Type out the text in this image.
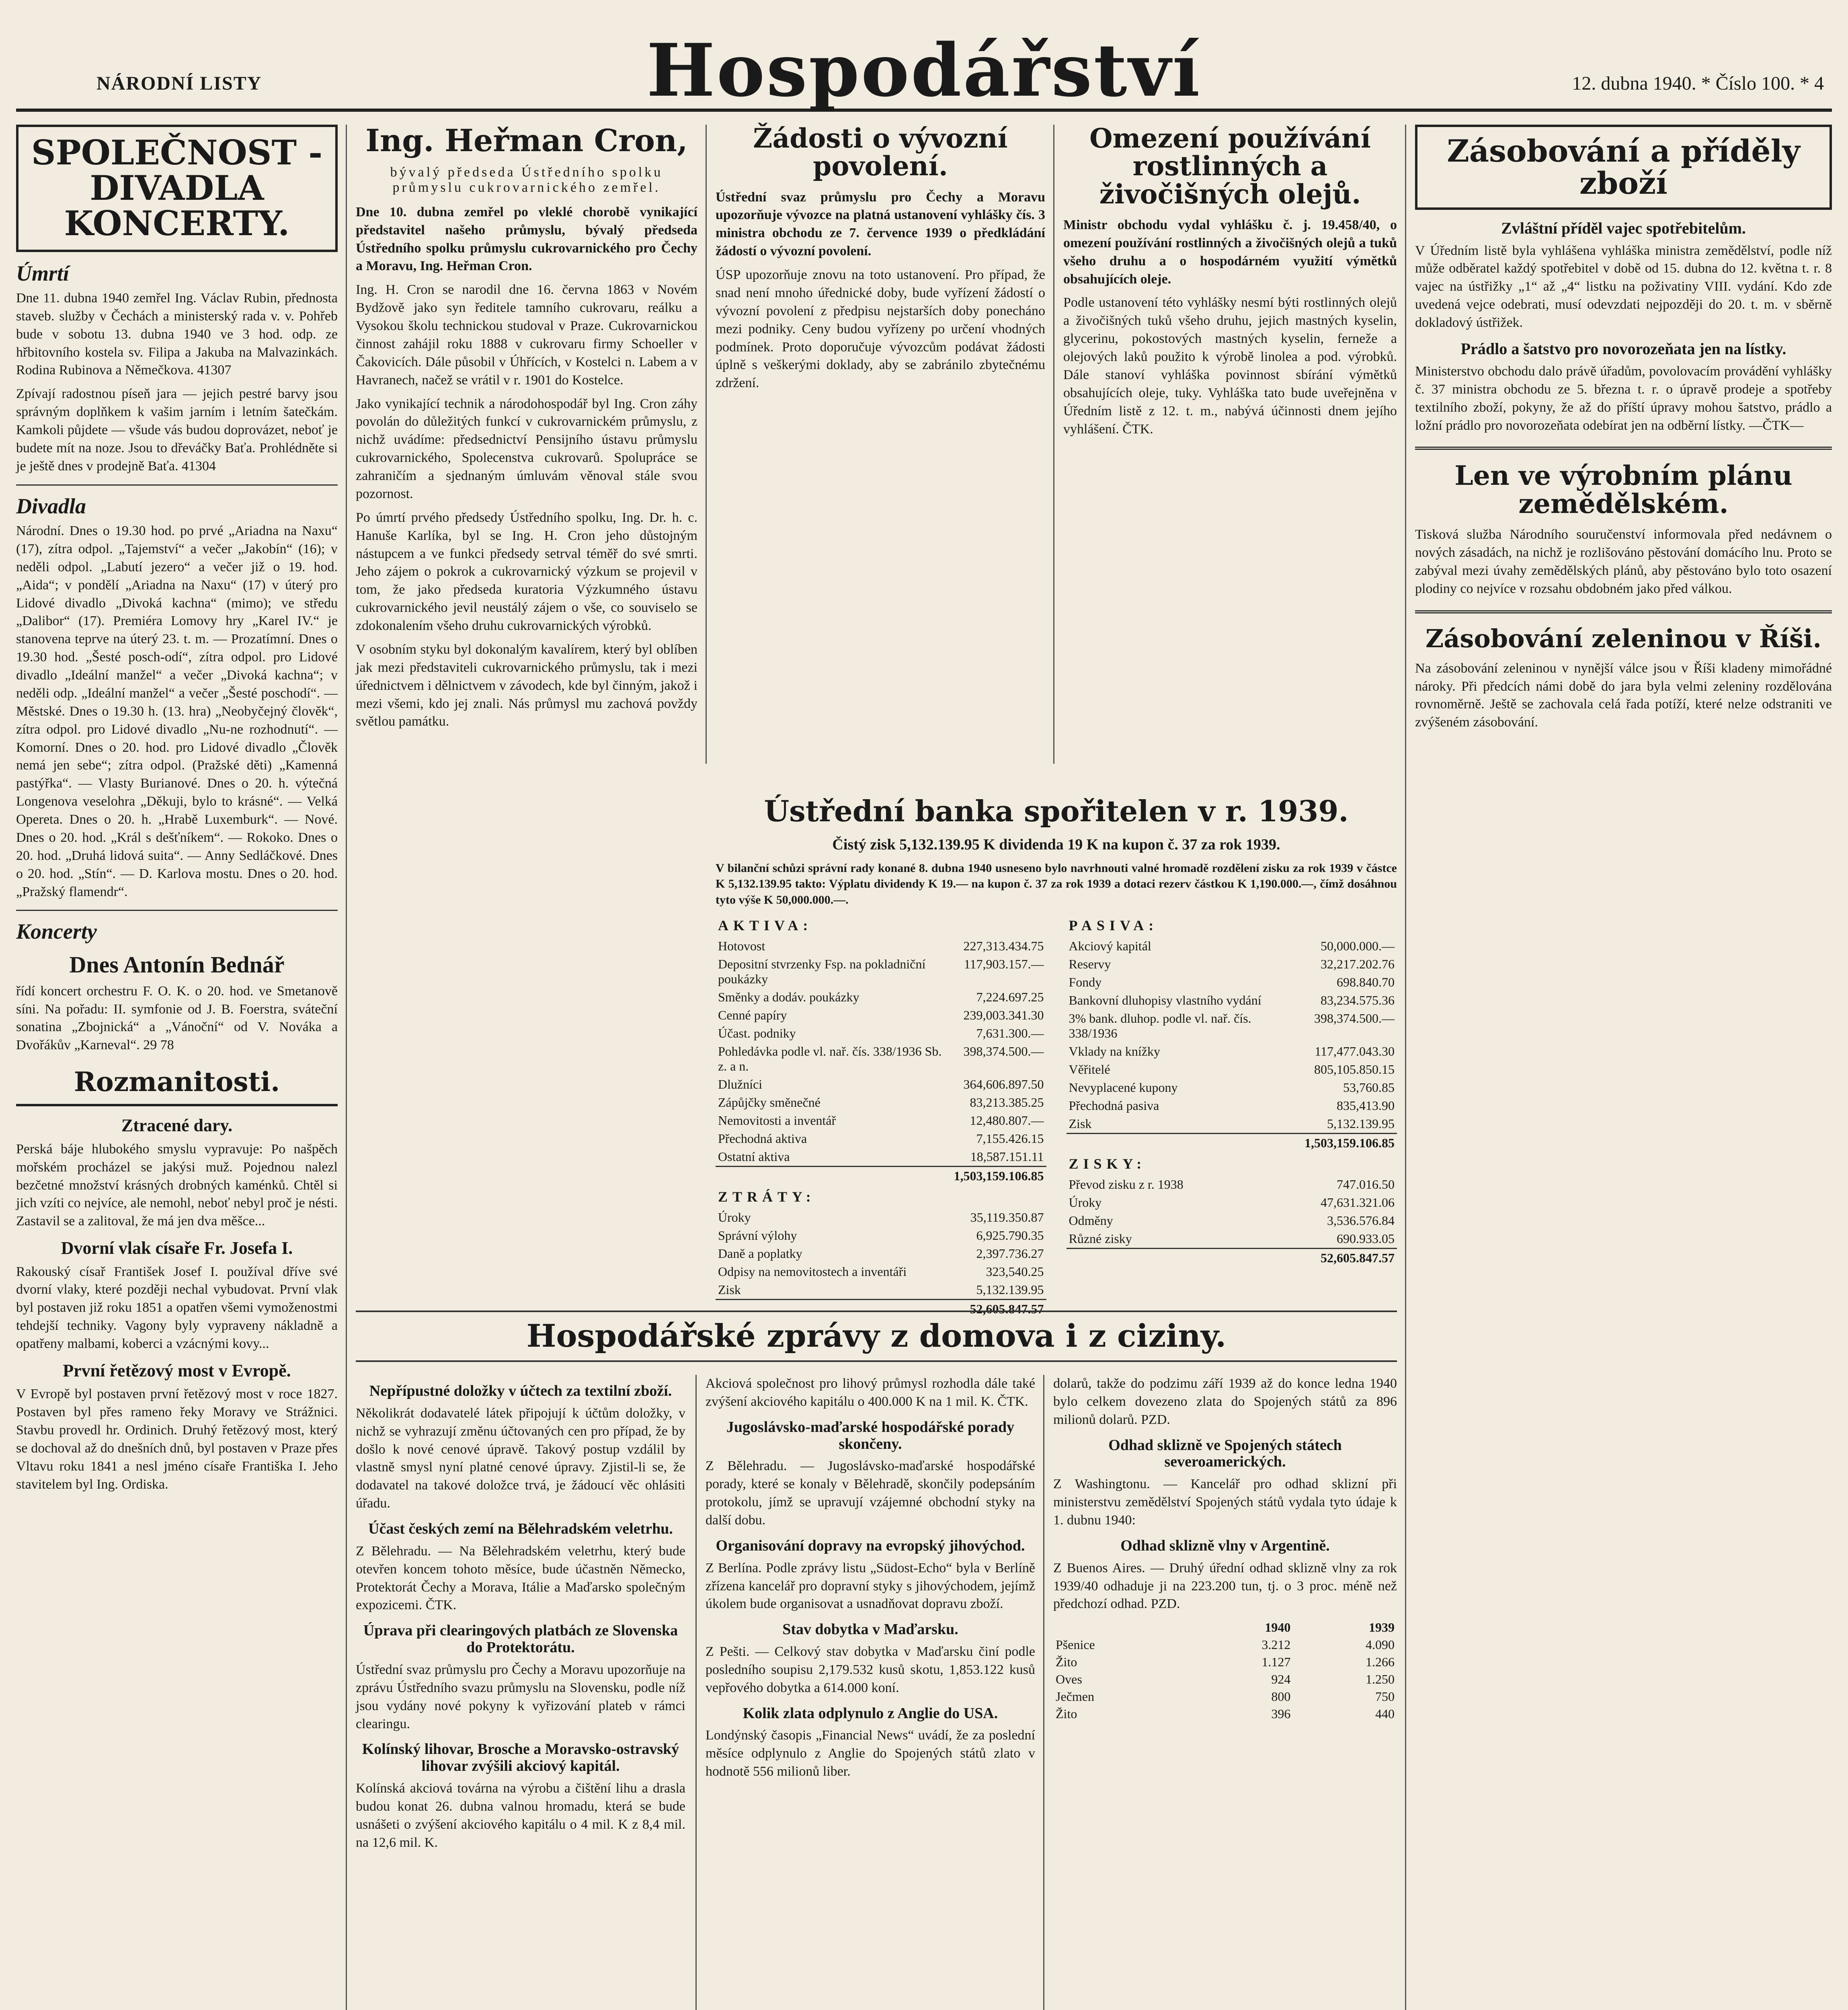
NÁRODNÍ LISTY	Hospodářství	12. dubna 1940. * Číslo 100. * 4
SPOLEČNOST - DIVADLA KONCERTY.
Úmrtí

Dne 11. dubna 1940 zemřel Ing. Václav Rubin, přednosta staveb. služby v Čechách a ministerský rada v. v. Pohřeb bude v sobotu 13. dubna 1940 ve 3 hod. odp. ze hřbitovního kostela sv. Filipa a Jakuba na Malvazinkách. Rodina Rubinova a Němečkova. 41307

Zpívají radostnou píseň jara — jejich pestré barvy jsou správným doplňkem k vašim jarním i letním šatečkám. Kamkoli půjdete — všude vás budou doprovázet, neboť je budete mít na noze. Jsou to dřeváčky Baťa. Prohlédněte si je ještě dnes v prodejně Baťa. 41304

Divadla

Národní. Dnes o 19.30 hod. po prvé „Ariadna na Naxu“ (17), zítra odpol. „Tajemství“ a večer „Jakobín“ (16); v neděli odpol. „Labutí jezero“ a večer již o 19. hod. „Aida“; v pondělí „Ariadna na Naxu“ (17) v úterý pro Lidové divadlo „Divoká kachna“ (mimo); ve středu „Dalibor“ (17). Premiéra Lomovy hry „Karel IV.“ je stanovena teprve na úterý 23. t. m. — Prozatímní. Dnes o 19.30 hod. „Šesté posch-odí“, zítra odpol. pro Lidové divadlo „Ideální manžel“ a večer „Divoká kachna“; v neděli odp. „Ideální manžel“ a večer „Šesté poschodí“. — Městské. Dnes o 19.30 h. (13. hra) „Neobyčejný člověk“, zítra odpol. pro Lidové divadlo „Nu-ne rozhodnutí“. — Komorní. Dnes o 20. hod. pro Lidové divadlo „Člověk nemá jen sebe“; zítra odpol. (Pražské děti) „Kamenná pastýřka“. — Vlasty Burianové. Dnes o 20. h. výtečná Longenova veselohra „Děkuji, bylo to krásné“. — Velká Opereta. Dnes o 20. h. „Hrabě Luxemburk“. — Nové. Dnes o 20. hod. „Král s dešťníkem“. — Rokoko. Dnes o 20. hod. „Druhá lidová suita“. — Anny Sedláčkové. Dnes o 20. hod. „Stín“. — D. Karlova mostu. Dnes o 20. hod. „Pražský flamendr“.

Koncerty
Dnes Antonín Bednář

řídí koncert orchestru F. O. K. o 20. hod. ve Smetanově síni. Na pořadu: II. symfonie od J. B. Foerstra, sváteční sonatina „Zbojnická“ a „Vánoční“ od V. Nováka a Dvořákův „Karneval“. 29 78

Rozmanitosti.
Ztracené dary.

Perská báje hlubokého smyslu vypravuje: Po našpěch mořském procházel se jakýsi muž. Pojednou nalezl bezčetné množství krásných drobných kaménků. Chtěl si jich vzíti co nejvíce, ale nemohl, neboť nebyl proč je nésti. Zastavil se a zalitoval, že má jen dva měšce...

Dvorní vlak císaře Fr. Josefa I.

Rakouský císař František Josef I. používal dříve své dvorní vlaky, které později nechal vybudovat. První vlak byl postaven již roku 1851 a opatřen všemi vymoženostmi tehdejší techniky. Vagony byly vypraveny nákladně a opatřeny malbami, koberci a vzácnými kovy...

První řetězový most v Evropě.

V Evropě byl postaven první řetězový most v roce 1827. Postaven byl přes rameno řeky Moravy ve Strážnici. Stavbu provedl hr. Ordinich. Druhý řetězový most, který se dochoval až do dnešních dnů, byl postaven v Praze přes Vltavu roku 1841 a nesl jméno císaře Františka I. Jeho stavitelem byl Ing. Ordiska.

Ing. Heřman Cron,

bývalý předseda Ústředního spolku průmyslu cukrovarnického zemřel.

Dne 10. dubna zemřel po vleklé chorobě vynikající představitel našeho průmyslu, bývalý předseda Ústředního spolku průmyslu cukrovarnického pro Čechy a Moravu, Ing. Heřman Cron.

Ing. H. Cron se narodil dne 16. června 1863 v Novém Bydžově jako syn ředitele tamního cukrovaru, reálku a Vysokou školu technickou studoval v Praze. Cukrovarnickou činnost zahájil roku 1888 v cukrovaru firmy Schoeller v Čakovicích. Dále působil v Úhřících, v Kostelci n. Labem a v Havranech, načež se vrátil v r. 1901 do Kostelce.

Jako vynikající technik a národohospodář byl Ing. Cron záhy povolán do důležitých funkcí v cukrovarnickém průmyslu, z nichž uvádíme: předsednictví Pensijního ústavu průmyslu cukrovarnického, Spolecenstva cukrovarů. Spolupráce se zahraničím a sjednaným úmluvám věnoval stále svou pozornost.

Po úmrtí prvého předsedy Ústředního spolku, Ing. Dr. h. c. Hanuše Karlíka, byl se Ing. H. Cron jeho důstojným nástupcem a ve funkci předsedy setrval téměř do své smrti. Jeho zájem o pokrok a cukrovarnický výzkum se projevil v tom, že jako předseda kuratoria Výzkumného ústavu cukrovarnického jevil neustálý zájem o vše, co souviselo se zdokonalením všeho druhu cukrovarnických výrobků.

V osobním styku byl dokonalým kavalírem, který byl oblíben jak mezi představiteli cukrovarnického průmyslu, tak i mezi úřednictvem i dělnictvem v závodech, kde byl činným, jakož i mezi všemi, kdo jej znali. Nás průmysl mu zachová povždy světlou památku.

Žádosti o vývozní povolení.

Ústřední svaz průmyslu pro Čechy a Moravu upozorňuje vývozce na platná ustanovení vyhlášky čís. 3 ministra obchodu ze 7. července 1939 o předkládání žádostí o vývozní povolení.

ÚSP upozorňuje znovu na toto ustanovení. Pro případ, že snad není mnoho úřednické doby, bude vyřízení žádostí o vývozní povolení z předpisu nejstarších doby ponecháno mezi podniky. Ceny budou vyřízeny po určení vhodných podmínek. Proto doporučuje vývozcům podávat žádosti úplně s veškerými doklady, aby se zabránilo zbytečnému zdržení.

Omezení používání rostlinných a živočišných olejů.

Ministr obchodu vydal vyhlášku č. j. 19.458/40, o omezení používání rostlinných a živočišných olejů a tuků všeho druhu a o hospodárném využití výmětků obsahujících oleje.

Podle ustanovení této vyhlášky nesmí býti rostlinných olejů a živočišných tuků všeho druhu, jejich mastných kyselin, glycerinu, pokostových mastných kyselin, ferneže a olejových laků použito k výrobě linolea a pod. výrobků. Dále stanoví vyhláška povinnost sbírání výmětků obsahujících oleje, tuky. Vyhláška tato bude uveřejněna v Úředním listě z 12. t. m., nabývá účinnosti dnem jejího vyhlášení. ČTK.

Ústřední banka spořitelen v r. 1939.

Čistý zisk 5,132.139.95 K dividenda 19 K na kupon č. 37 za rok 1939.

V bilanční schůzi správní rady konané 8. dubna 1940 usneseno bylo navrhnouti valné hromadě rozdělení zisku za rok 1939 v částce K 5,132.139.95 takto: Výplatu dividendy K 19.— na kupon č. 37 za rok 1939 a dotaci rezerv částkou K 1,190.000.—, čímž dosáhnou tyto výše K 50,000.000.—.

AKTIVA:	
Hotovost	227,313.434.75
Depositní stvrzenky Fsp. na pokladniční poukázky	117,903.157.—
Směnky a dodáv. poukázky	7,224.697.25
Cenné papíry	239,003.341.30
Účast. podniky	7,631.300.—
Pohledávka podle vl. nař. čís. 338/1936 Sb. z. a n.	398,374.500.—
Dlužníci	364,606.897.50
Zápůjčky směnečné	83,213.385.25
Nemovitosti a inventář	12,480.807.—
Přechodná aktiva	7,155.426.15
Ostatní aktiva	18,587.151.11
	1,503,159.106.85
ZTRÁTY:	
Úroky	35,119.350.87
Správní výlohy	6,925.790.35
Daně a poplatky	2,397.736.27
Odpisy na nemovitostech a inventáři	323,540.25
Zisk	5,132.139.95
	52,605.847.57
PASIVA:	
Akciový kapitál	50,000.000.—
Reservy	32,217.202.76
Fondy	698.840.70
Bankovní dluhopisy vlastního vydání	83,234.575.36
3% bank. dluhop. podle vl. nař. čís. 338/1936	398,374.500.—
Vklady na knížky	117,477.043.30
Věřitelé	805,105.850.15
Nevyplacené kupony	53,760.85
Přechodná pasiva	835,413.90
Zisk	5,132.139.95
	1,503,159.106.85
ZISKY:	
Převod zisku z r. 1938	747.016.50
Úroky	47,631.321.06
Odměny	3,536.576.84
Různé zisky	690.933.05
	52,605.847.57
Hospodářské zprávy z domova i z ciziny.
Nepřípustné doložky v účtech za textilní zboží.

Několikrát dodavatelé látek připojují k účtům doložky, v nichž se vyhrazují změnu účtovaných cen pro případ, že by došlo k nové cenové úpravě. Takový postup vzdálil by vlastně smysl nyní platné cenové úpravy. Zjistil-li se, že dodavatel na takové doložce trvá, je žádoucí věc ohlásiti úřadu.

Účast českých zemí na Bělehradském veletrhu.

Z Bělehradu. — Na Bělehradském veletrhu, který bude otevřen koncem tohoto měsíce, bude účastněn Německo, Protektorát Čechy a Morava, Itálie a Maďarsko společným expozicemi. ČTK.

Úprava při clearingových platbách ze Slovenska do Protektorátu.

Ústřední svaz průmyslu pro Čechy a Moravu upozorňuje na zprávu Ústředního svazu průmyslu na Slovensku, podle níž jsou vydány nové pokyny k vyřizování plateb v rámci clearingu.

Kolínský lihovar, Brosche a Moravsko-ostravský lihovar zvýšili akciový kapitál.

Kolínská akciová továrna na výrobu a čištění lihu a drasla budou konat 26. dubna valnou hromadu, která se bude usnášeti o zvýšení akciového kapitálu o 4 mil. K z 8,4 mil. na 12,6 mil. K.

Akciová společnost pro lihový průmysl rozhodla dále také zvýšení akciového kapitálu o 400.000 K na 1 mil. K. ČTK.

Jugoslávsko-maďarské hospodářské porady skončeny.

Z Bělehradu. — Jugoslávsko-maďarské hospodářské porady, které se konaly v Bělehradě, skončily podepsáním protokolu, jímž se upravují vzájemné obchodní styky na další dobu.

Organisování dopravy na evropský jihovýchod.

Z Berlína. Podle zprávy listu „Südost-Echo“ byla v Berlíně zřízena kancelář pro dopravní styky s jihovýchodem, jejímž úkolem bude organisovat a usnadňovat dopravu zboží.

Stav dobytka v Maďarsku.

Z Pešti. — Celkový stav dobytka v Maďarsku činí podle posledního soupisu 2,179.532 kusů skotu, 1,853.122 kusů vepřového dobytka a 614.000 koní.

Kolik zlata odplynulo z Anglie do USA.

Londýnský časopis „Financial News“ uvádí, že za poslední měsíce odplynulo z Anglie do Spojených států zlato v hodnotě 556 milionů liber.

dolarů, takže do podzimu září 1939 až do konce ledna 1940 bylo celkem dovezeno zlata do Spojených států za 896 milionů dolarů. PZD.

Odhad sklizně ve Spojených státech severoamerických.

Z Washingtonu. — Kancelář pro odhad sklizní při ministerstvu zemědělství Spojených států vydala tyto údaje k 1. dubnu 1940:

Odhad sklizně vlny v Argentině.

Z Buenos Aires. — Druhý úřední odhad sklizně vlny za rok 1939/40 odhaduje ji na 223.200 tun, tj. o 3 proc. méně než předchozí odhad. PZD.

	1940	1939
Pšenice	3.212	4.090
Žito	1.127	1.266
Oves	924	1.250
Ječmen	800	750
Žito	396	440

Zásobování a příděly zboží
Zvláštní příděl vajec spotřebitelům.

V Úředním listě byla vyhlášena vyhláška ministra zemědělství, podle níž může odběratel každý spotřebitel v době od 15. dubna do 12. května t. r. 8 vajec na ústřižky „1“ až „4“ listku na poživatiny VIII. vydání. Kdo zde uvedená vejce odebrati, musí odevzdati nejpozději do 20. t. m. v sběrně dokladový ústřižek.

Prádlo a šatstvo pro novorozeňata jen na lístky.

Ministerstvo obchodu dalo právě úřadům, povolovacím provádění vyhlášky č. 37 ministra obchodu ze 5. března t. r. o úpravě prodeje a spotřeby textilního zboží, pokyny, že až do příští úpravy mohou šatstvo, prádlo a ložní prádlo pro novorozeňata odebírat jen na odběrní lístky. —ČTK—

Len ve výrobním plánu zemědělském.

Tisková služba Národního souručenství informovala před nedávnem o nových zásadách, na nichž je rozlišováno pěstování domácího lnu. Proto se zabýval mezi úvahy zemědělských plánů, aby pěstováno bylo toto osazení plodiny co nejvíce v rozsahu obdobném jako před válkou.

Zásobování zeleninou v Říši.

Na zásobování zeleninou v nynější válce jsou v Říši kladeny mimořádné nároky. Při předcích námi době do jara byla velmi zeleniny rozdělována rovnoměrně. Ještě se zachovala celá řada potíží, které nelze odstraniti ve zvýšeném zásobování.
